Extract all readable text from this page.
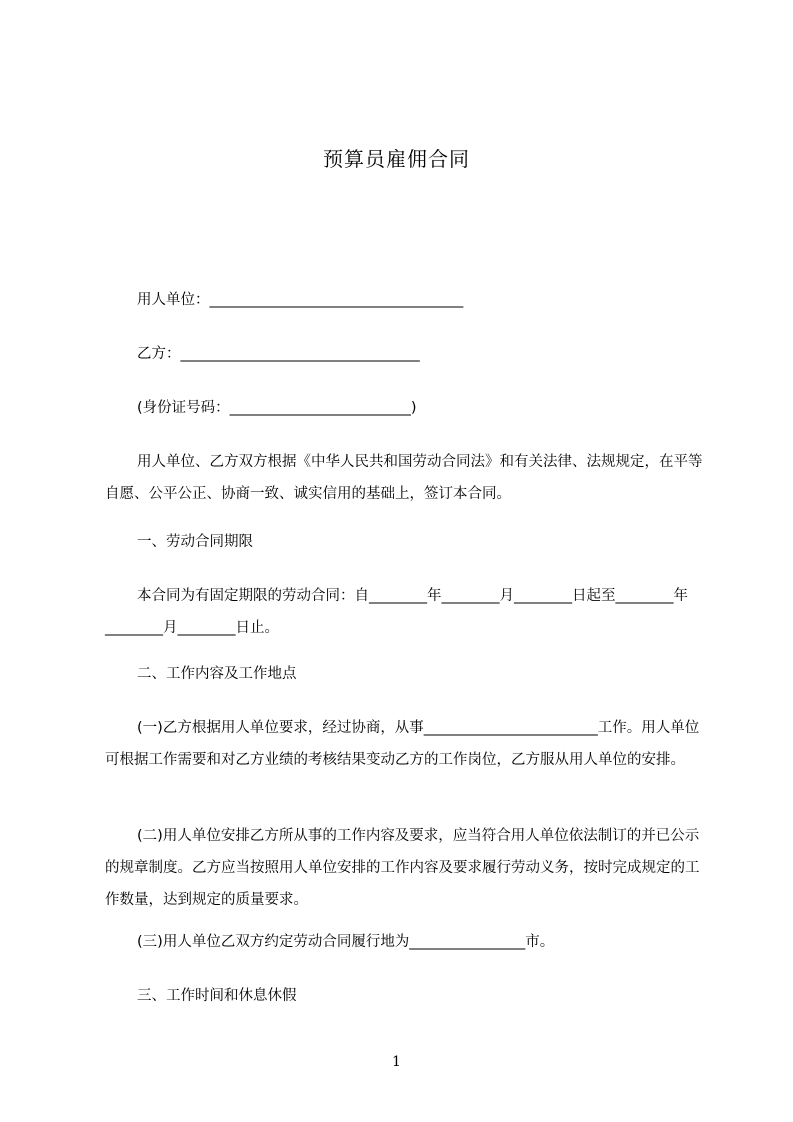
预算员雇佣合同
用人单位：___________________________________
乙方：_________________________________
(身份证号码：_________________________)
用人单位、乙方双方根据《中华人民共和国劳动合同法》和有关法律、法规规定，在平等自愿、公平公正、协商一致、诚实信用的基础上，签订本合同。
一、劳动合同期限
本合同为有固定期限的劳动合同：自________年________月________日起至________年________月________日止。
二、工作内容及工作地点
(一)乙方根据用人单位要求，经过协商，从事________________________工作。用人单位可根据工作需要和对乙方业绩的考核结果变动乙方的工作岗位，乙方服从用人单位的安排。
(二)用人单位安排乙方所从事的工作内容及要求，应当符合用人单位依法制订的并已公示的规章制度。乙方应当按照用人单位安排的工作内容及要求履行劳动义务，按时完成规定的工作数量，达到规定的质量要求。
(三)用人单位乙双方约定劳动合同履行地为________________市。
三、工作时间和休息休假
1
